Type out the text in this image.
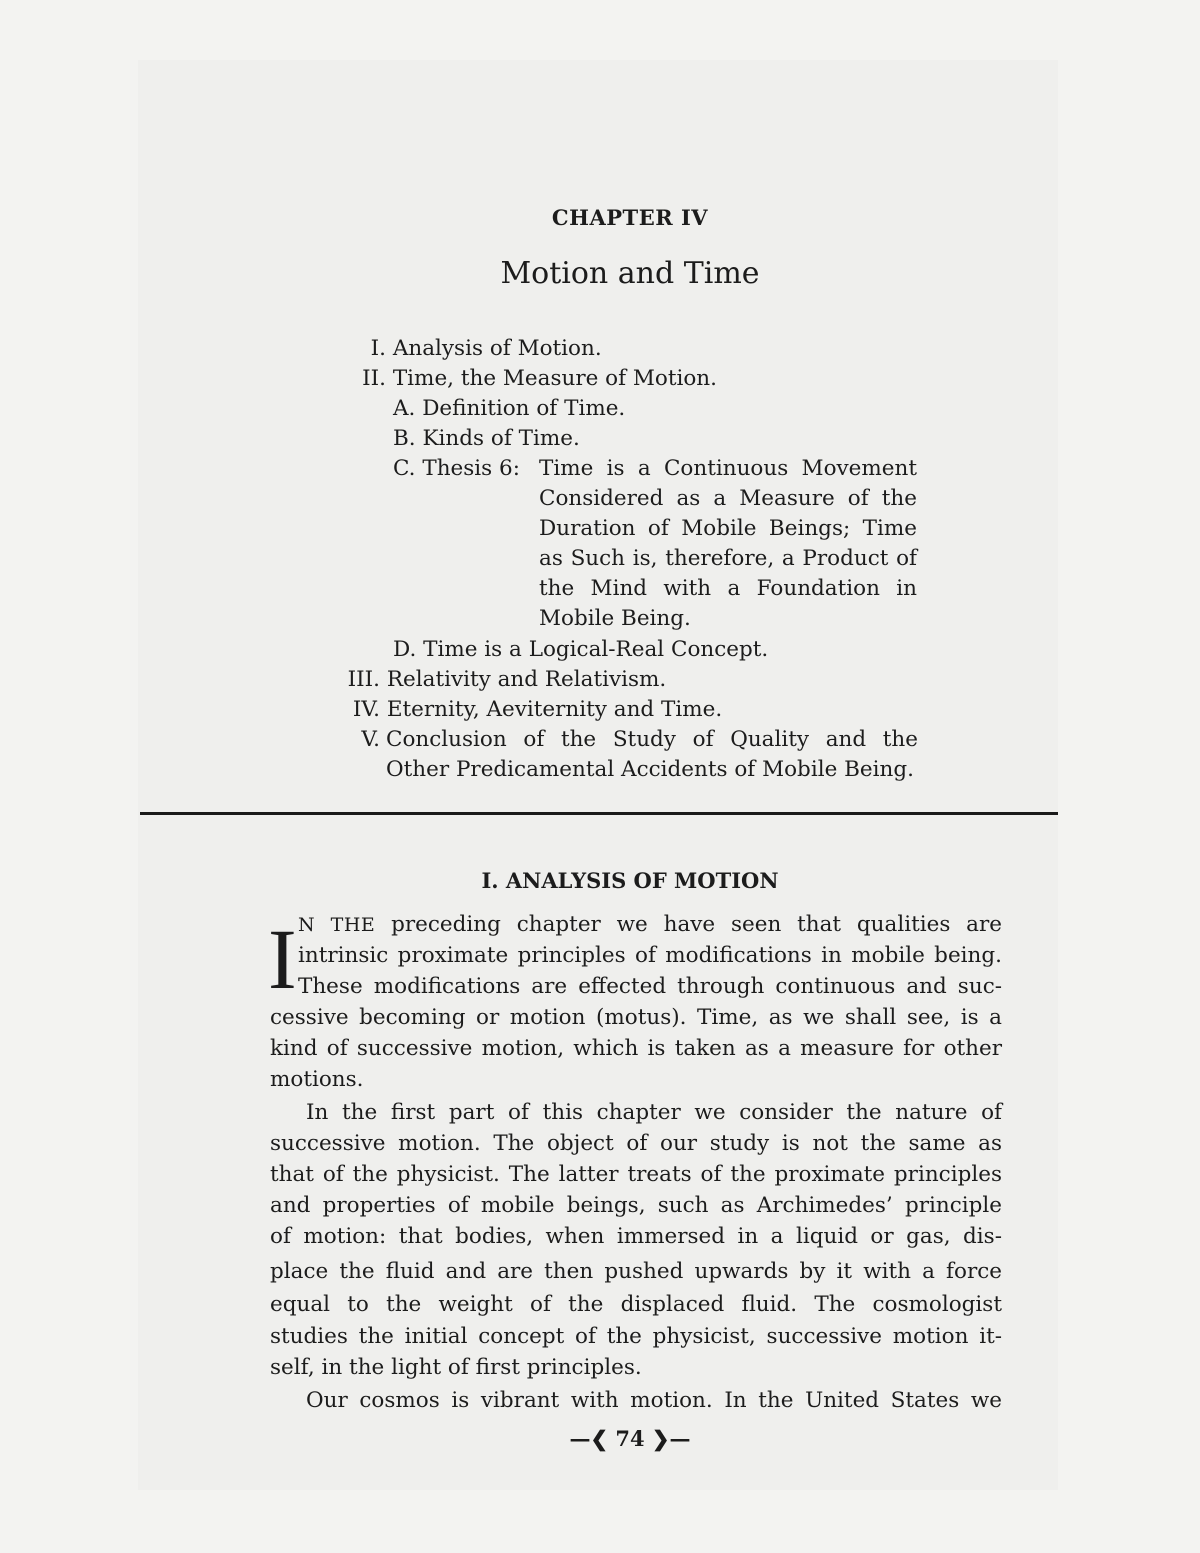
CHAPTER IV
Motion and Time
I. Analysis of Motion.
II. Time, the Measure of Motion.
A. Definition of Time.
B. Kinds of Time.
C. Thesis 6: Time is a Continuous Movement
Considered as a Measure of the
Duration of Mobile Beings; Time
as Such is, therefore, a Product of
the Mind with a Foundation in
Mobile Being.
D. Time is a Logical-Real Concept.
III. Relativity and Relativism.
IV. Eternity, Aeviternity and Time.
V. Conclusion of the Study of Quality and the
Other Predicamental Accidents of Mobile Being.
I. ANALYSIS OF MOTION
I N THE preceding chapter we have seen that qualities are
intrinsic proximate principles of modifications in mobile being.
These modifications are effected through continuous and suc-
cessive becoming or motion (motus). Time, as we shall see, is a
kind of successive motion, which is taken as a measure for other
motions.
In the first part of this chapter we consider the nature of
successive motion. The object of our study is not the same as
that of the physicist. The latter treats of the proximate principles
and properties of mobile beings, such as Archimedes’ principle
of motion: that bodies, when immersed in a liquid or gas, dis-
place the fluid and are then pushed upwards by it with a force
equal to the weight of the displaced fluid. The cosmologist
studies the initial concept of the physicist, successive motion it-
self, in the light of first principles.
Our cosmos is vibrant with motion. In the United States we
—❮ 74 ❯—
